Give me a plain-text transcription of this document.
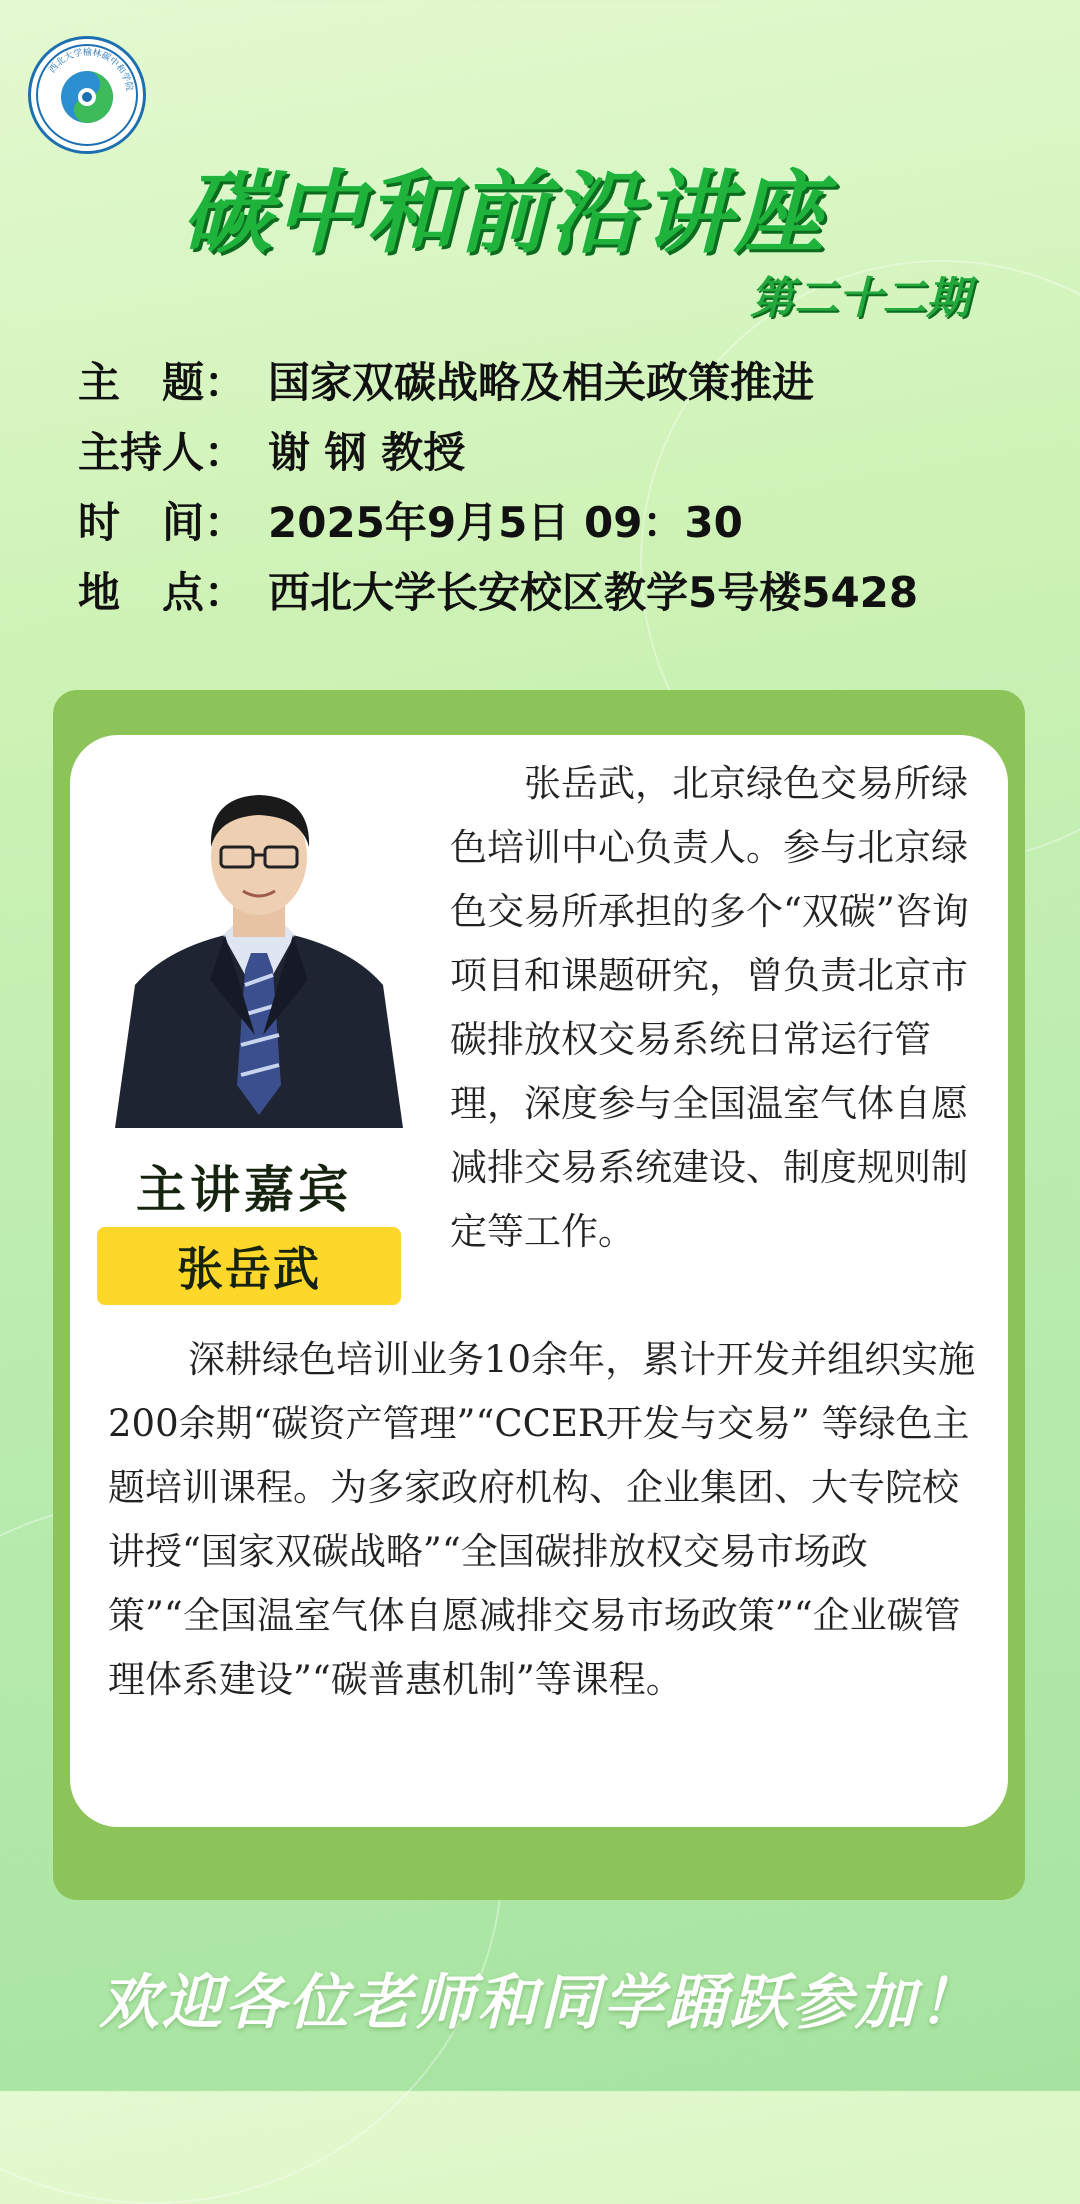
西北大学榆林碳中和学院
碳中和前沿讲座
第二十二期
主　题： 国家双碳战略及相关政策推进
主持人： 谢 钢 教授
时　间： 2025年9月5日 09：30
地　点： 西北大学长安校区教学5号楼5428
主讲嘉宾
张岳武
张岳武，北京绿色交易所绿色培训中心负责人。参与北京绿色交易所承担的多个“双碳”咨询项目和课题研究，曾负责北京市碳排放权交易系统日常运行管理，深度参与全国温室气体自愿减排交易系统建设、制度规则制定等工作。
深耕绿色培训业务10余年，累计开发并组织实施200余期“碳资产管理”“CCER开发与交易” 等绿色主题培训课程。为多家政府机构、企业集团、大专院校讲授“国家双碳战略”“全国碳排放权交易市场政策”“全国温室气体自愿减排交易市场政策”“企业碳管理体系建设”“碳普惠机制”等课程。
欢迎各位老师和同学踊跃参加！
